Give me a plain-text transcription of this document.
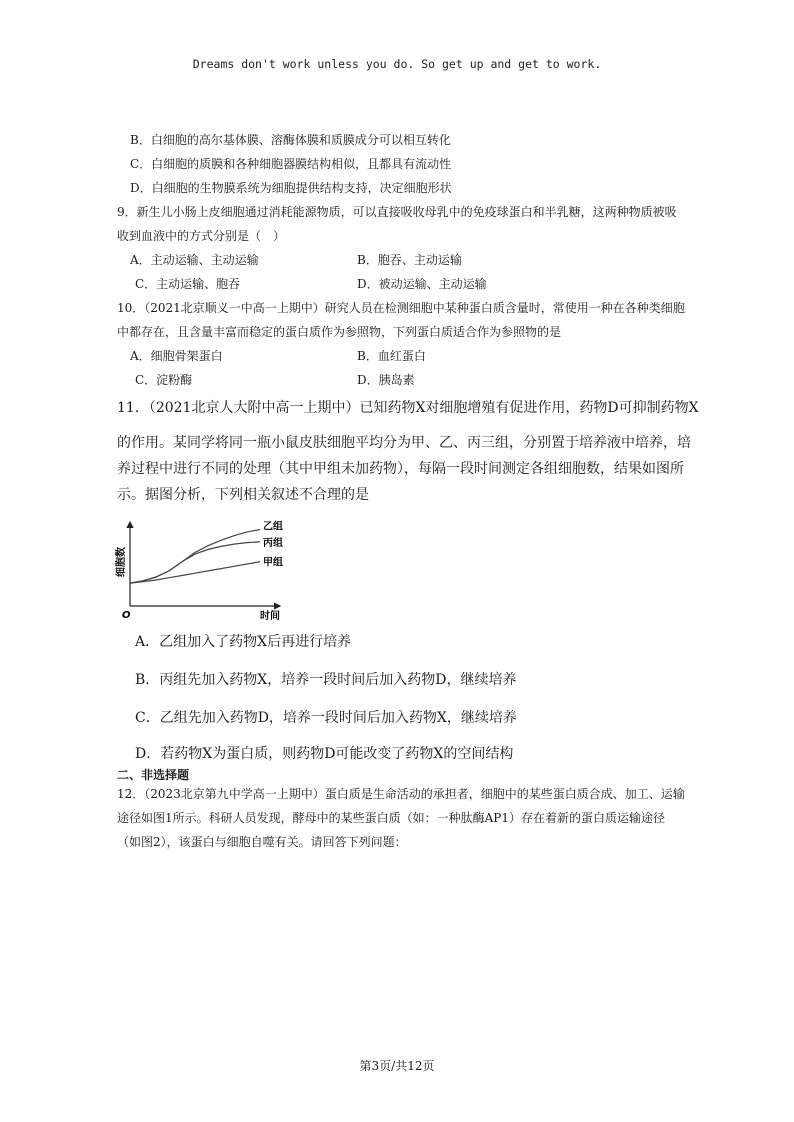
Dreams don't work unless you do. So get up and get to work.
B．白细胞的高尔基体膜、溶酶体膜和质膜成分可以相互转化
C．白细胞的质膜和各种细胞器膜结构相似，且都具有流动性
D．白细胞的生物膜系统为细胞提供结构支持，决定细胞形状
9．新生儿小肠上皮细胞通过消耗能源物质，可以直接吸收母乳中的免疫球蛋白和半乳糖，这两种物质被吸
收到血液中的方式分别是（　）
A．主动运输、主动运输	B．胞吞、主动运输
C．主动运输、胞吞	D．被动运输、主动运输
10．（2021北京顺义一中高一上期中）研究人员在检测细胞中某种蛋白质含量时，常使用一种在各种类细胞
中都存在，且含量丰富而稳定的蛋白质作为参照物，下列蛋白质适合作为参照物的是
A．细胞骨架蛋白	B．血红蛋白
C．淀粉酶	D．胰岛素
11．（2021北京人大附中高一上期中）已知药物X对细胞增殖有促进作用，药物D可抑制药物X
的作用。某同学将同一瓶小鼠皮肤细胞平均分为甲、乙、丙三组，分别置于培养液中培养，培
养过程中进行不同的处理（其中甲组未加药物），每隔一段时间测定各组细胞数，结果如图所
示。据图分析，下列相关叙述不合理的是
细胞数
时间
O
乙组
丙组
甲组
A．乙组加入了药物X后再进行培养
B．丙组先加入药物X，培养一段时间后加入药物D，继续培养
C．乙组先加入药物D，培养一段时间后加入药物X，继续培养
D．若药物X为蛋白质，则药物D可能改变了药物X的空间结构
二、非选择题
12．（2023北京第九中学高一上期中）蛋白质是生命活动的承担者，细胞中的某些蛋白质合成、加工、运输
途径如图1所示。科研人员发现，酵母中的某些蛋白质（如：一种肽酶AP1）存在着新的蛋白质运输途径
（如图2），该蛋白与细胞自噬有关。请回答下列问题：
第3页/共12页
